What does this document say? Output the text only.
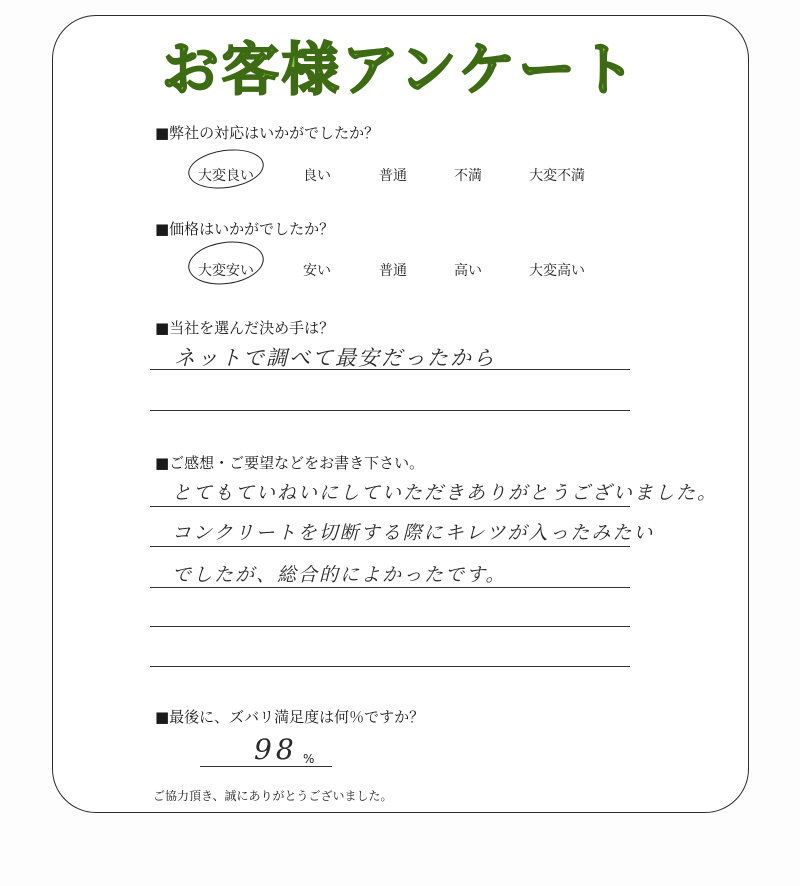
お客様アンケート
■弊社の対応はいかがでしたか？
大変良い	良い	普通	不満	大変不満
■価格はいかがでしたか？
大変安い	安い	普通	高い	大変高い
■当社を選んだ決め手は？
ネットで調べて最安だったから
■ご感想・ご要望などをお書き下さい。
とてもていねいにしていただきありがとうございました。
コンクリートを切断する際にキレツが入ったみたい
でしたが、総合的によかったです。
■最後に、ズバリ満足度は何％ですか？
98 %
ご協力頂き、誠にありがとうございました。
